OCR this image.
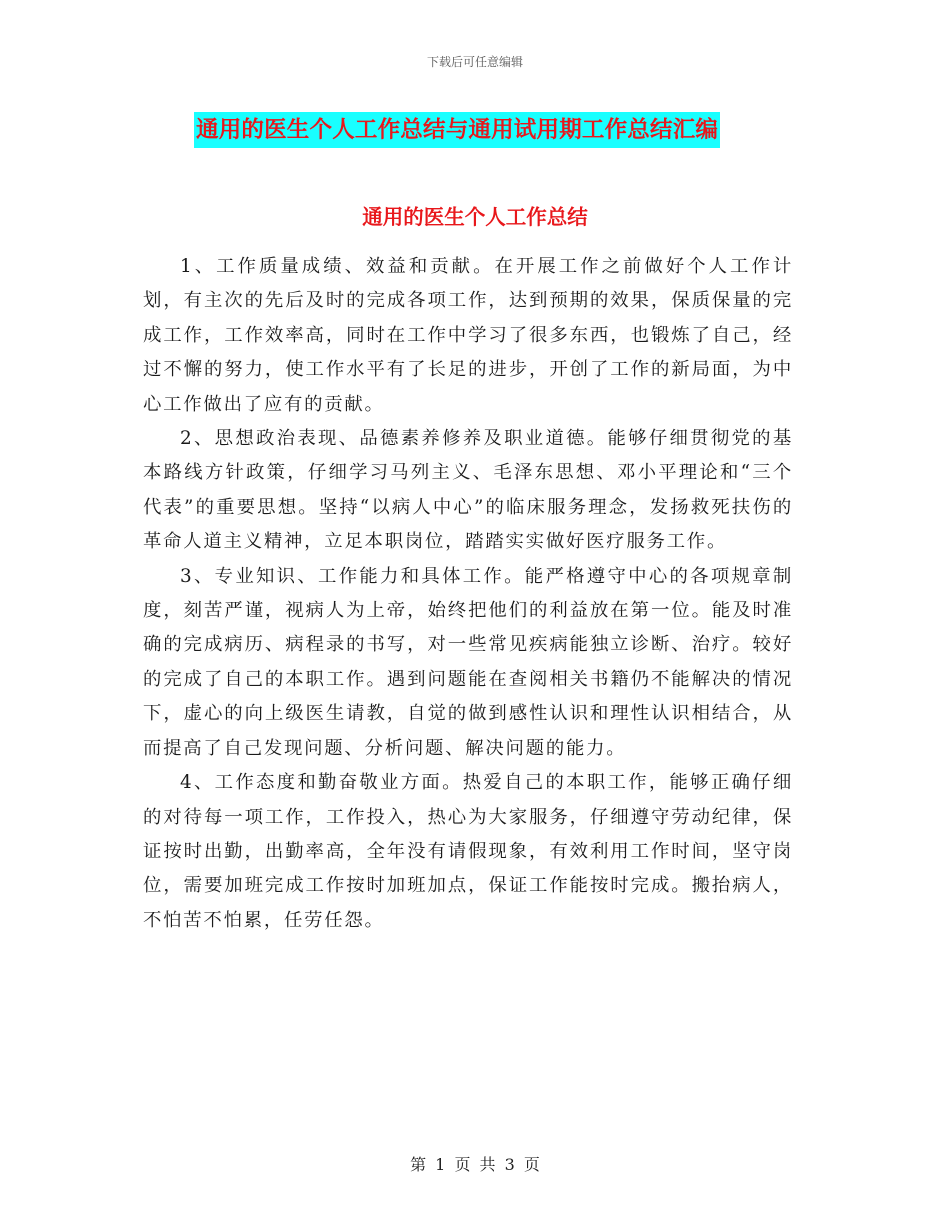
下载后可任意编辑
通用的医生个人工作总结与通用试用期工作总结汇编
通用的医生个人工作总结

1、工作质量成绩、效益和贡献。在开展工作之前做好个人工作计划，有主次的先后及时的完成各项工作，达到预期的效果，保质保量的完成工作，工作效率高，同时在工作中学习了很多东西，也锻炼了自己，经过不懈的努力，使工作水平有了长足的进步，开创了工作的新局面，为中心工作做出了应有的贡献。

2、思想政治表现、品德素养修养及职业道德。能够仔细贯彻党的基本路线方针政策，仔细学习马列主义、毛泽东思想、邓小平理论和“三个代表”的重要思想。坚持“以病人中心”的临床服务理念，发扬救死扶伤的革命人道主义精神，立足本职岗位，踏踏实实做好医疗服务工作。

3、专业知识、工作能力和具体工作。能严格遵守中心的各项规章制度，刻苦严谨，视病人为上帝，始终把他们的利益放在第一位。能及时准确的完成病历、病程录的书写，对一些常见疾病能独立诊断、治疗。较好的完成了自己的本职工作。遇到问题能在查阅相关书籍仍不能解决的情况下，虚心的向上级医生请教，自觉的做到感性认识和理性认识相结合，从而提高了自己发现问题、分析问题、解决问题的能力。

4、工作态度和勤奋敬业方面。热爱自己的本职工作，能够正确仔细的对待每一项工作，工作投入，热心为大家服务，仔细遵守劳动纪律，保证按时出勤，出勤率高，全年没有请假现象，有效利用工作时间，坚守岗位，需要加班完成工作按时加班加点，保证工作能按时完成。搬抬病人，不怕苦不怕累，任劳任怨。

第 1 页 共 3 页
